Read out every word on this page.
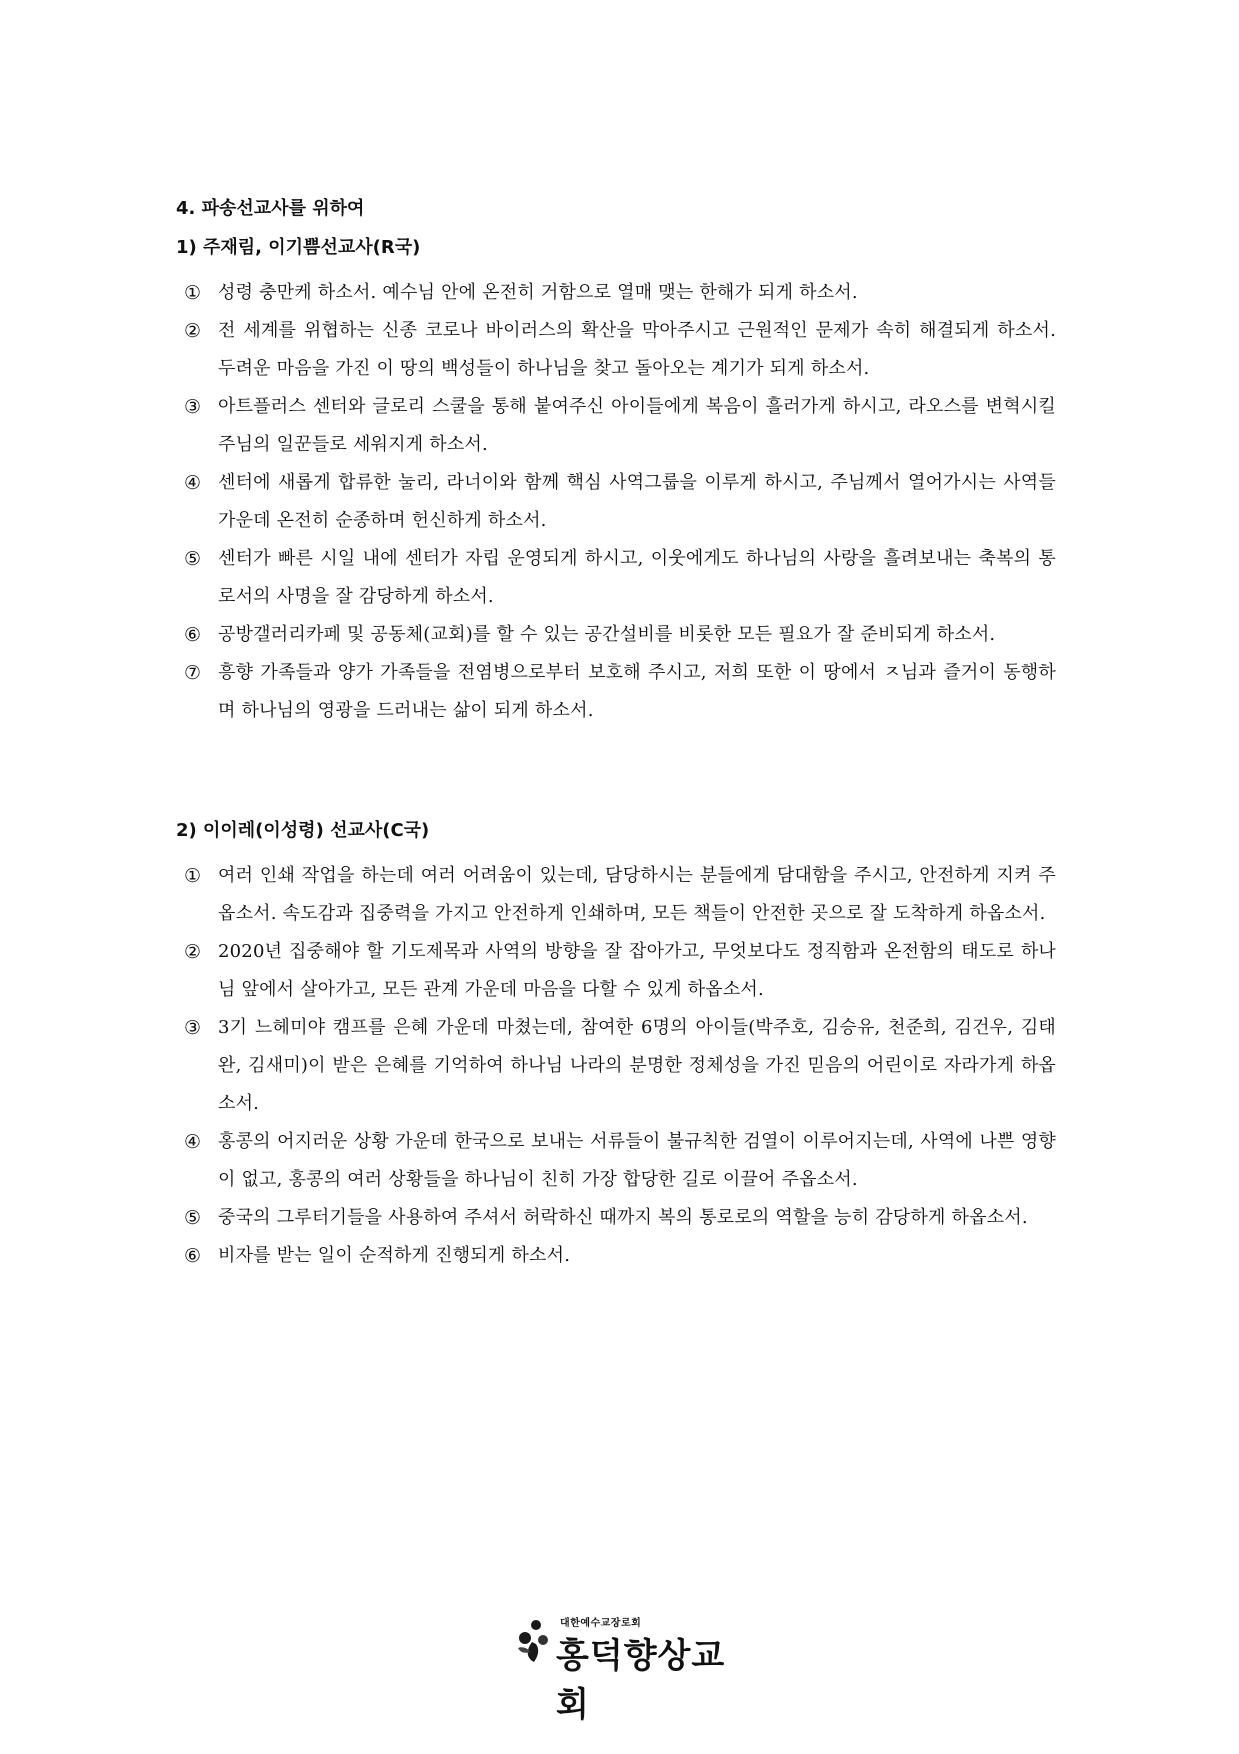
4. 파송선교사를 위하여
1) 주재림, 이기쁨선교사(R국)
① 성령 충만케 하소서. 예수님 안에 온전히 거함으로 열매 맺는 한해가 되게 하소서.
② 전 세계를 위협하는 신종 코로나 바이러스의 확산을 막아주시고 근원적인 문제가 속히 해결되게 하소서. 두려운 마음을 가진 이 땅의 백성들이 하나님을 찾고 돌아오는 계기가 되게 하소서.
③ 아트플러스 센터와 글로리 스쿨을 통해 붙여주신 아이들에게 복음이 흘러가게 하시고, 라오스를 변혁시킬 주님의 일꾼들로 세워지게 하소서.
④ 센터에 새롭게 합류한 눌리, 라너이와 함께 핵심 사역그룹을 이루게 하시고, 주님께서 열어가시는 사역들 가운데 온전히 순종하며 헌신하게 하소서.
⑤ 센터가 빠른 시일 내에 센터가 자립 운영되게 하시고, 이웃에게도 하나님의 사랑을 흘려보내는 축복의 통로서의 사명을 잘 감당하게 하소서.
⑥ 공방갤러리카페 및 공동체(교회)를 할 수 있는 공간설비를 비롯한 모든 필요가 잘 준비되게 하소서.
⑦ 흥향 가족들과 양가 가족들을 전염병으로부터 보호해 주시고, 저희 또한 이 땅에서 ㅈ님과 즐거이 동행하며 하나님의 영광을 드러내는 삶이 되게 하소서.
2) 이이레(이성령) 선교사(C국)
① 여러 인쇄 작업을 하는데 여러 어려움이 있는데, 담당하시는 분들에게 담대함을 주시고, 안전하게 지켜 주옵소서. 속도감과 집중력을 가지고 안전하게 인쇄하며, 모든 책들이 안전한 곳으로 잘 도착하게 하옵소서.
② 2020년 집중해야 할 기도제목과 사역의 방향을 잘 잡아가고, 무엇보다도 정직함과 온전함의 태도로 하나님 앞에서 살아가고, 모든 관계 가운데 마음을 다할 수 있게 하옵소서.
③ 3기 느헤미야 캠프를 은혜 가운데 마쳤는데, 참여한 6명의 아이들(박주호, 김승유, 천준희, 김건우, 김태완, 김새미)이 받은 은혜를 기억하여 하나님 나라의 분명한 정체성을 가진 믿음의 어린이로 자라가게 하옵소서.
④ 홍콩의 어지러운 상황 가운데 한국으로 보내는 서류들이 불규칙한 검열이 이루어지는데, 사역에 나쁜 영향이 없고, 홍콩의 여러 상황들을 하나님이 친히 가장 합당한 길로 이끌어 주옵소서.
⑤ 중국의 그루터기들을 사용하여 주셔서 허락하신 때까지 복의 통로로의 역할을 능히 감당하게 하옵소서.
⑥ 비자를 받는 일이 순적하게 진행되게 하소서.
대한예수교장로회
홍덕향상교회
